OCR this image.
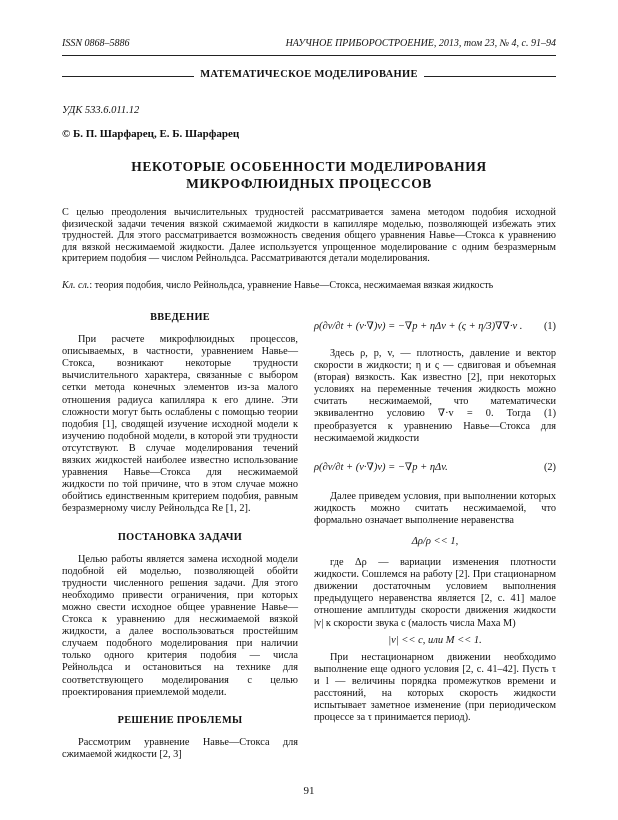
ISSN 0868–5886	НАУЧНОЕ ПРИБОРОСТРОЕНИЕ, 2013, том 23, № 4, с. 91–94
МАТЕМАТИЧЕСКОЕ МОДЕЛИРОВАНИЕ
УДК 533.6.011.12
© Б. П. Шарфарец, Е. Б. Шарфарец
НЕКОТОРЫЕ ОСОБЕННОСТИ МОДЕЛИРОВАНИЯ
МИКРОФЛЮИДНЫХ ПРОЦЕССОВ

С целью преодоления вычислительных трудностей рассматривается замена методом подобия исходной физической задачи течения вязкой сжимаемой жидкости в капилляре моделью, позволяющей избежать этих трудностей. Для этого рассматривается возможность сведения общего уравнения Навье—Стокса к уравнению для вязкой несжимаемой жидкости. Далее используется упрощенное моделирование с одним безразмерным критерием подобия — числом Рейнольдса. Рассматриваются детали моделирования.

Кл. сл.: теория подобия, число Рейнольдса, уравнение Навье—Стокса, несжимаемая вязкая жидкость
ВВЕДЕНИЕ

При расчете микрофлюидных процессов, описываемых, в частности, уравнением Навье—Стокса, возникают некоторые трудности вычислительного характера, связанные с выбором сетки метода конечных элементов из-за малого отношения радиуса капилляра к его длине. Эти сложности могут быть ослаблены с помощью теории подобия [1], сводящей изучение исходной модели к изучению подобной модели, в которой эти трудности отсутствуют. В случае моделирования течений вязких жидкостей наиболее известно использование уравнения Навье—Стокса для несжимаемой жидкости по той причине, что в этом случае можно обойтись единственным критерием подобия, равным безразмерному числу Рейнольдса Re [1, 2].

ПОСТАНОВКА ЗАДАЧИ

Целью работы является замена исходной модели подобной ей моделью, позволяющей обойти трудности численного решения задачи. Для этого необходимо привести ограничения, при которых можно свести исходное общее уравнение Навье—Стокса к уравнению для несжимаемой вязкой жидкости, а далее воспользоваться простейшим случаем подобного моделирования при наличии только одного критерия подобия — числа Рейнольдса и остановиться на технике для соответствующего моделирования с целью проектирования приемлемой модели.

РЕШЕНИЕ ПРОБЛЕМЫ

Рассмотрим уравнение Навье—Стокса для сжимаемой жидкости [2, 3]

ρ(∂v/∂t + (v·∇)v) = −∇p + ηΔv + (ς + η/3)∇∇·v . (1)

Здесь ρ, p, v, — плотность, давление и вектор скорости в жидкости; η и ς — сдвиговая и объемная (вторая) вязкость. Как известно [2], при некоторых условиях на переменные течения жидкость можно считать несжимаемой, что математически эквивалентно условию ∇·v = 0. Тогда (1) преобразуется к уравнению Навье—Стокса для несжимаемой жидкости

ρ(∂v/∂t + (v·∇)v) = −∇p + ηΔv.	(2)

Далее приведем условия, при выполнении которых жидкость можно считать несжимаемой, что формально означает выполнение неравенства

Δρ/ρ << 1,

где Δρ — вариации изменения плотности жидкости. Сошлемся на работу [2]. При стационарном движении достаточным условием выполнения предыдущего неравенства является [2, с. 41] малое отношение амплитуды скорости движения жидкости |v| к скорости звука c (малость числа Маха M)

|v| << c, или M << 1.

При нестационарном движении необходимо выполнение еще одного условия [2, с. 41–42]. Пусть τ и l — величины порядка промежутков времени и расстояний, на которых скорость жидкости испытывает заметное изменение (при периодическом процессе за τ принимается период).

91
